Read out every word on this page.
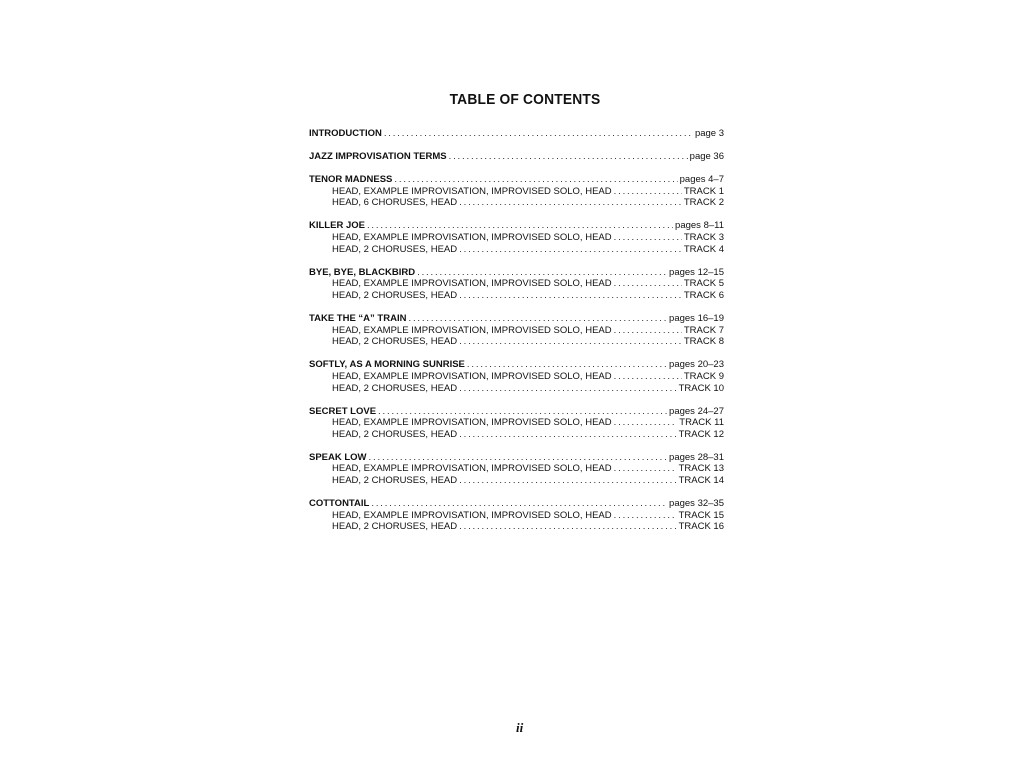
TABLE OF CONTENTS
INTRODUCTION . . .	page 3
JAZZ IMPROVISATION TERMS . . .	page 36
TENOR MADNESS . . .	pages 4–7
HEAD, EXAMPLE IMPROVISATION, IMPROVISED SOLO, HEAD . . .	TRACK 1
HEAD, 6 CHORUSES, HEAD . . .	TRACK 2
KILLER JOE . . .	pages 8–11
HEAD, EXAMPLE IMPROVISATION, IMPROVISED SOLO, HEAD . . .	TRACK 3
HEAD, 2 CHORUSES, HEAD . . .	TRACK 4
BYE, BYE, BLACKBIRD . . .	pages 12–15
HEAD, EXAMPLE IMPROVISATION, IMPROVISED SOLO, HEAD . . .	TRACK 5
HEAD, 2 CHORUSES, HEAD . . .	TRACK 6
TAKE THE “A” TRAIN . . .	pages 16–19
HEAD, EXAMPLE IMPROVISATION, IMPROVISED SOLO, HEAD . . .	TRACK 7
HEAD, 2 CHORUSES, HEAD . . .	TRACK 8
SOFTLY, AS A MORNING SUNRISE . . .	pages 20–23
HEAD, EXAMPLE IMPROVISATION, IMPROVISED SOLO, HEAD . . .	TRACK 9
HEAD, 2 CHORUSES, HEAD . . .	TRACK 10
SECRET LOVE . . .	pages 24–27
HEAD, EXAMPLE IMPROVISATION, IMPROVISED SOLO, HEAD . . .	TRACK 11
HEAD, 2 CHORUSES, HEAD . . .	TRACK 12
SPEAK LOW . . .	pages 28–31
HEAD, EXAMPLE IMPROVISATION, IMPROVISED SOLO, HEAD . . .	TRACK 13
HEAD, 2 CHORUSES, HEAD . . .	TRACK 14
COTTONTAIL . . .	pages 32–35
HEAD, EXAMPLE IMPROVISATION, IMPROVISED SOLO, HEAD . . .	TRACK 15
HEAD, 2 CHORUSES, HEAD . . .	TRACK 16
ii
